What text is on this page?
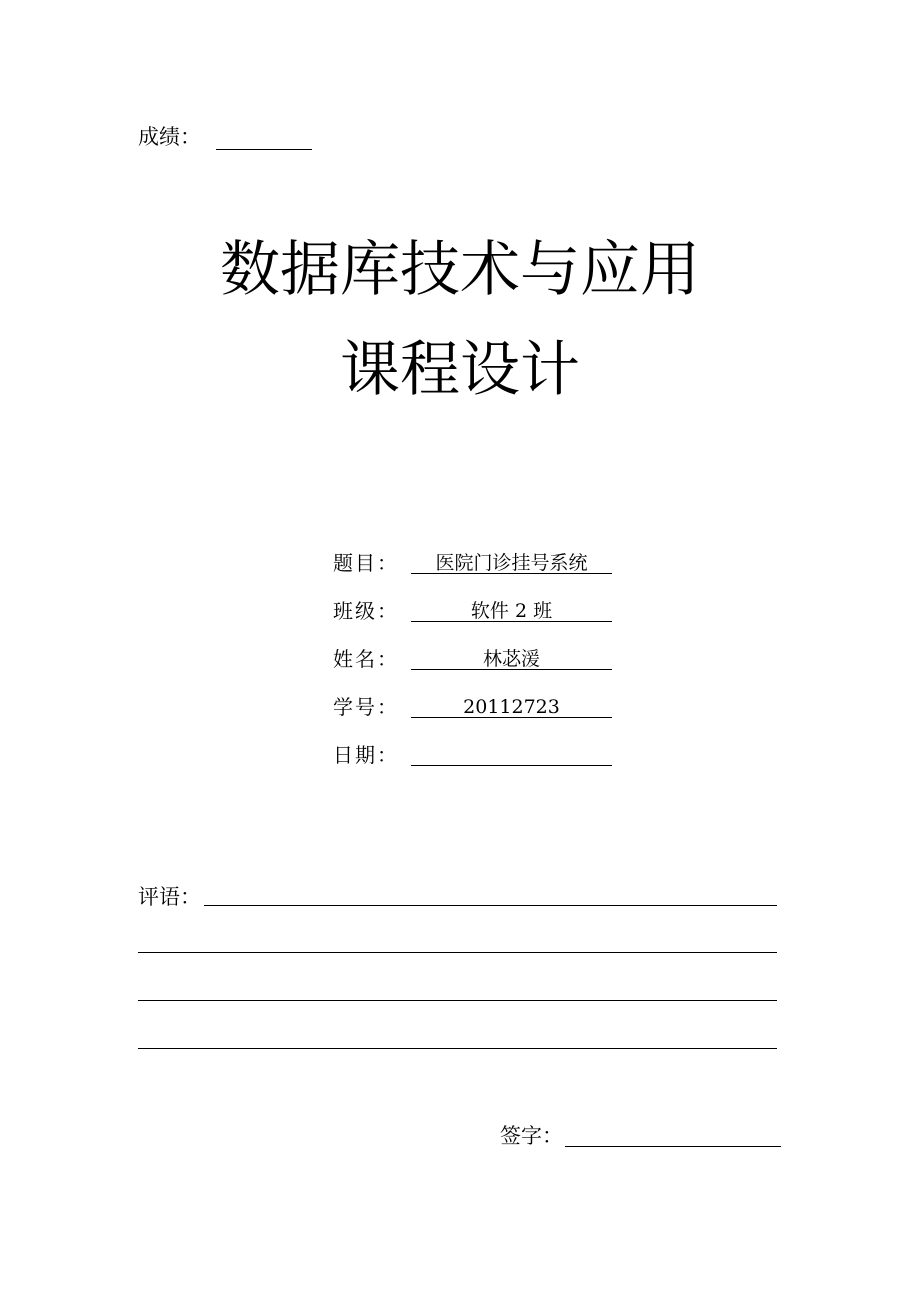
成绩：
数据库技术与应用
课程设计
题目：	医院门诊挂号系统
班级：	软件 2 班
姓名：	林苾湲
学号：	20112723
日期：
评语：
签字：
